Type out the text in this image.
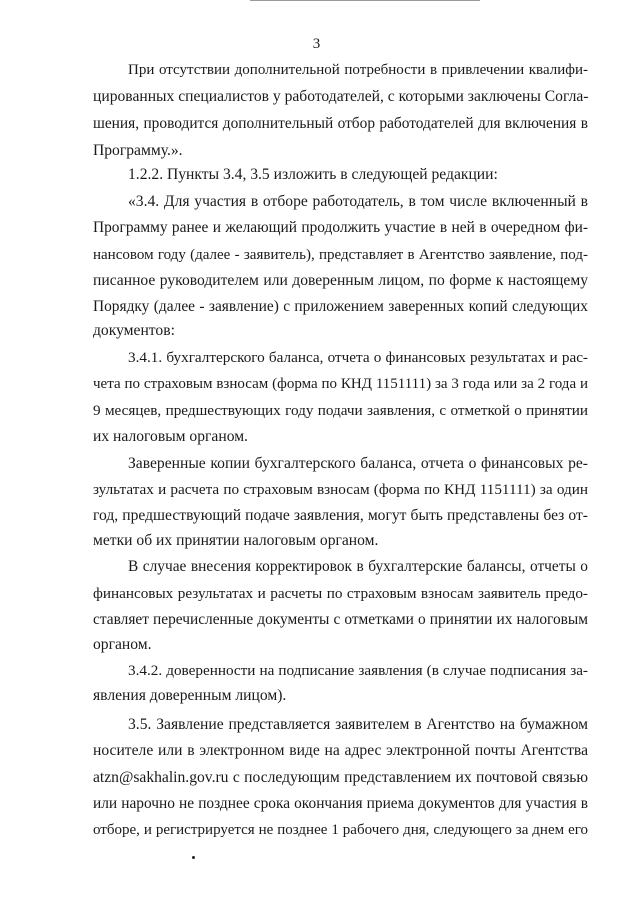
3
При отсутствии дополнительной потребности в привлечении квалифи-
цированных специалистов у работодателей, с которыми заключены Согла-
шения, проводится дополнительный отбор работодателей для включения в
Программу.».
1.2.2. Пункты 3.4, 3.5 изложить в следующей редакции:
«3.4. Для участия в отборе работодатель, в том числе включенный в
Программу ранее и желающий продолжить участие в ней в очередном фи-
нансовом году (далее - заявитель), представляет в Агентство заявление, под-
писанное руководителем или доверенным лицом, по форме к настоящему
Порядку (далее - заявление) с приложением заверенных копий следующих
документов:
3.4.1. бухгалтерского баланса, отчета о финансовых результатах и рас-
чета по страховым взносам (форма по КНД 1151111) за 3 года или за 2 года и
9 месяцев, предшествующих году подачи заявления, с отметкой о принятии
их налоговым органом.
Заверенные копии бухгалтерского баланса, отчета о финансовых ре-
зультатах и расчета по страховым взносам (форма по КНД 1151111) за один
год, предшествующий подаче заявления, могут быть представлены без от-
метки об их принятии налоговым органом.
В случае внесения корректировок в бухгалтерские балансы, отчеты о
финансовых результатах и расчеты по страховым взносам заявитель предо-
ставляет перечисленные документы с отметками о принятии их налоговым
органом.
3.4.2. доверенности на подписание заявления (в случае подписания за-
явления доверенным лицом).
3.5. Заявление представляется заявителем в Агентство на бумажном
носителе или в электронном виде на адрес электронной почты Агентства
atzn@sakhalin.gov.ru с последующим представлением их почтовой связью
или нарочно не позднее срока окончания приема документов для участия в
отборе, и регистрируется не позднее 1 рабочего дня, следующего за днем его
